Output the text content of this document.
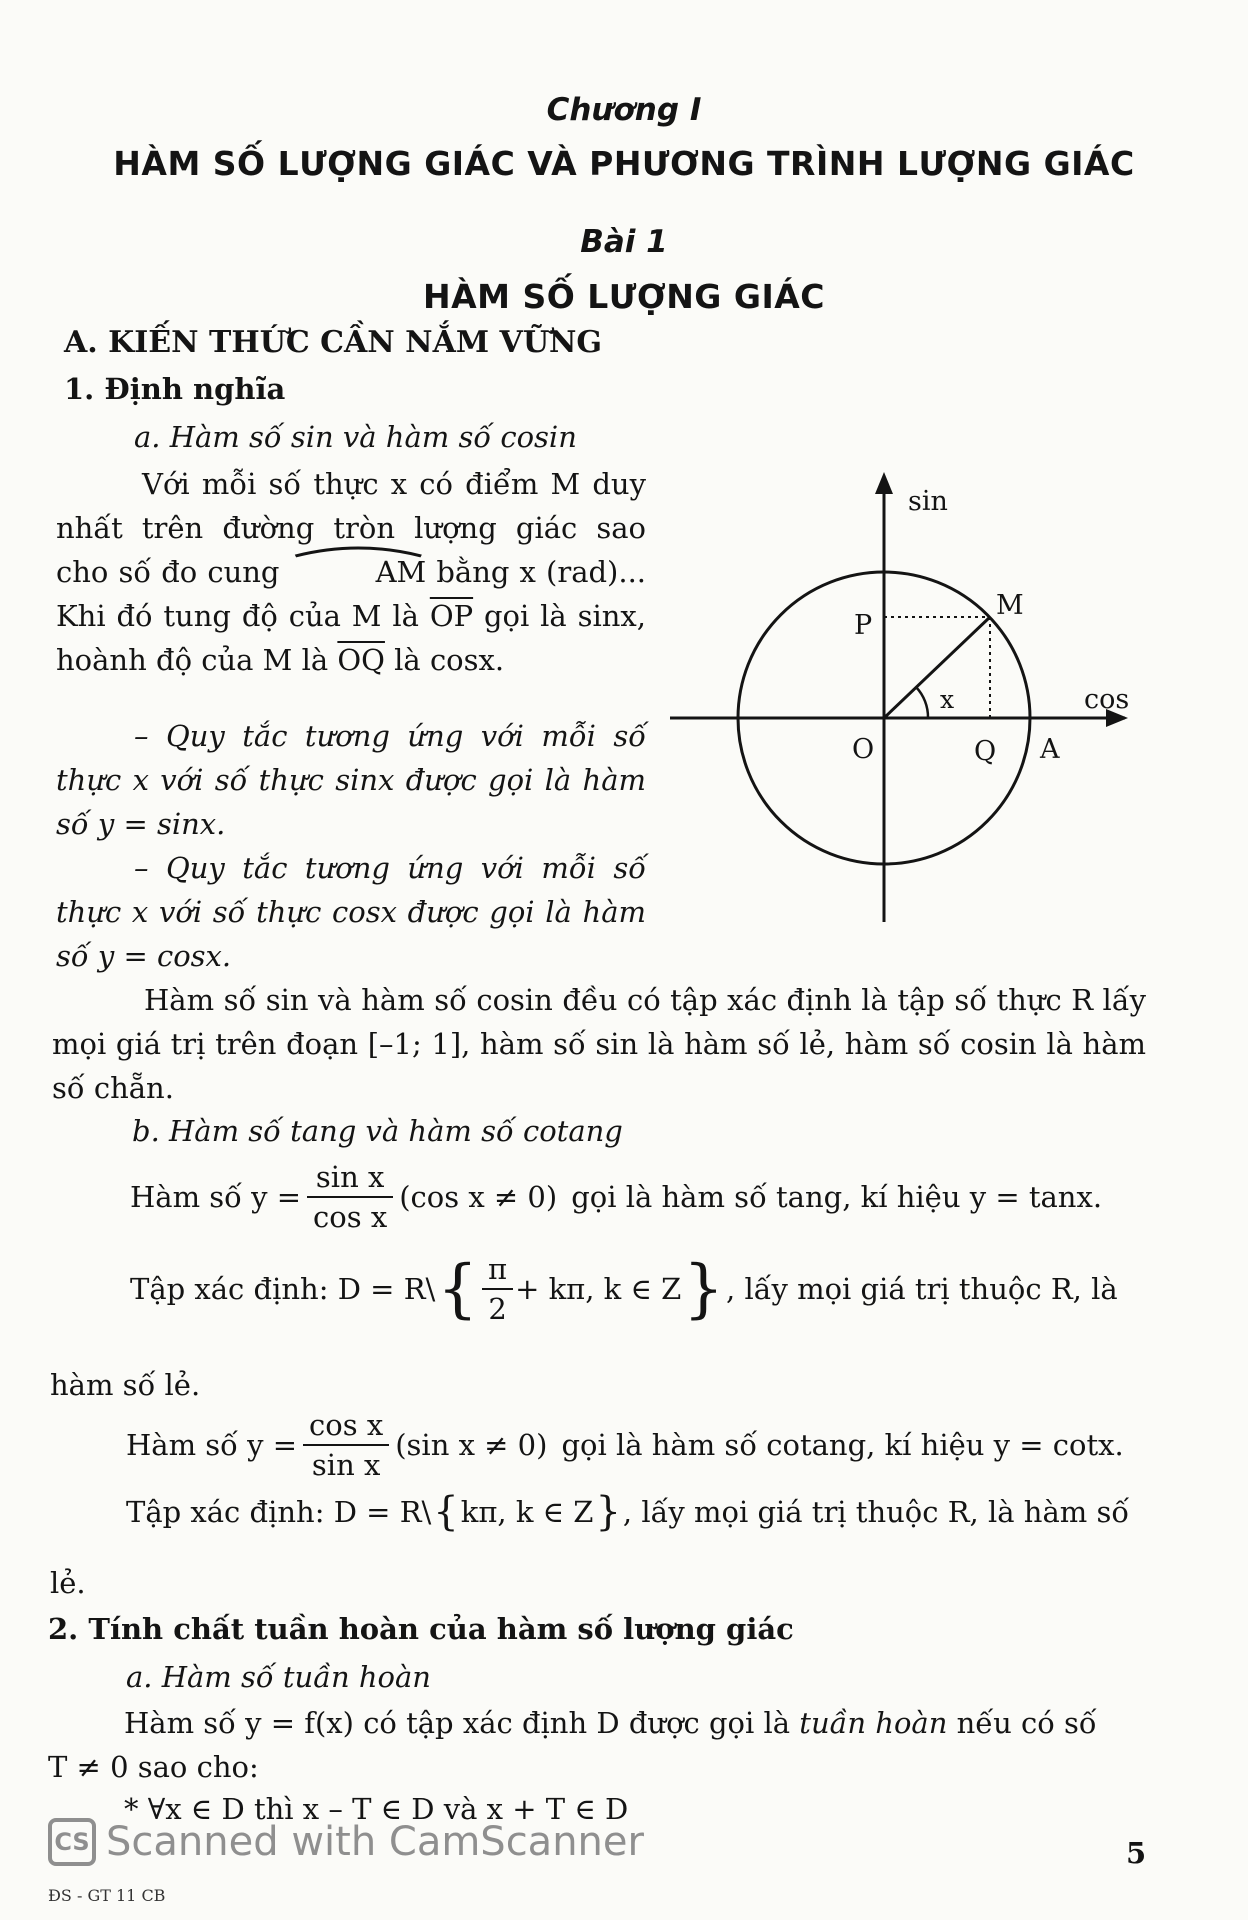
Chương I
HÀM SỐ LƯỢNG GIÁC VÀ PHƯƠNG TRÌNH LƯỢNG GIÁC
Bài 1
HÀM SỐ LƯỢNG GIÁC
A. KIẾN THỨC CẦN NẮM VỮNG
1. Định nghĩa
a. Hàm số sin và hàm số cosin

Với mỗi số thực x có điểm M duy nhất trên đường tròn lượng giác sao cho số đo cung	AM bằng x (rad)... Khi đó tung độ của M là $\overline{OP}$ gọi là sinx, hoành độ của M là $\overline{OQ}$ là cosx.

– Quy tắc tương ứng với mỗi số thực x với số thực sinx được gọi là hàm số y = sinx.

– Quy tắc tương ứng với mỗi số thực x với số thực cosx được gọi là hàm số y = cosx.

sin
cos
M
P
x
O	Q A

Hàm số sin và hàm số cosin đều có tập xác định là tập số thực R lấy mọi giá trị trên đoạn [–1; 1], hàm số sin là hàm số lẻ, hàm số cosin là hàm số chẵn.

b. Hàm số tang và hàm số cotang
Hàm số $y = \frac{\text{sin x}}{\text{cos x}} (\cos$ x ≠ 0) gọi là hàm số tang, kí hiệu y = tanx.
Tập xác định: D = R\ { $\frac{\pi}{2} + k\pi$, k ∈ Z } , lấy mọi giá trị thuộc R, là
hàm số lẻ.
Hàm số $y = \frac{\text{cos x}}{\text{sin x}} (\sin$ x ≠ 0) gọi là hàm số cotang, kí hiệu y = cotx.
Tập xác định: D = R\ { kπ, k ∈ Z } , lấy mọi giá trị thuộc R, là hàm số
lẻ.
2. Tính chất tuần hoàn của hàm số lượng giác
a. Hàm số tuần hoàn
Hàm số y = f(x) có tập xác định D được gọi là tuần hoàn nếu có số
T ≠ 0 sao cho:
* ∀x ∈ D thì x – T ∈ D và x + T ∈ D
CS Scanned with CamScanner
ĐS - GT 11 CB
5
